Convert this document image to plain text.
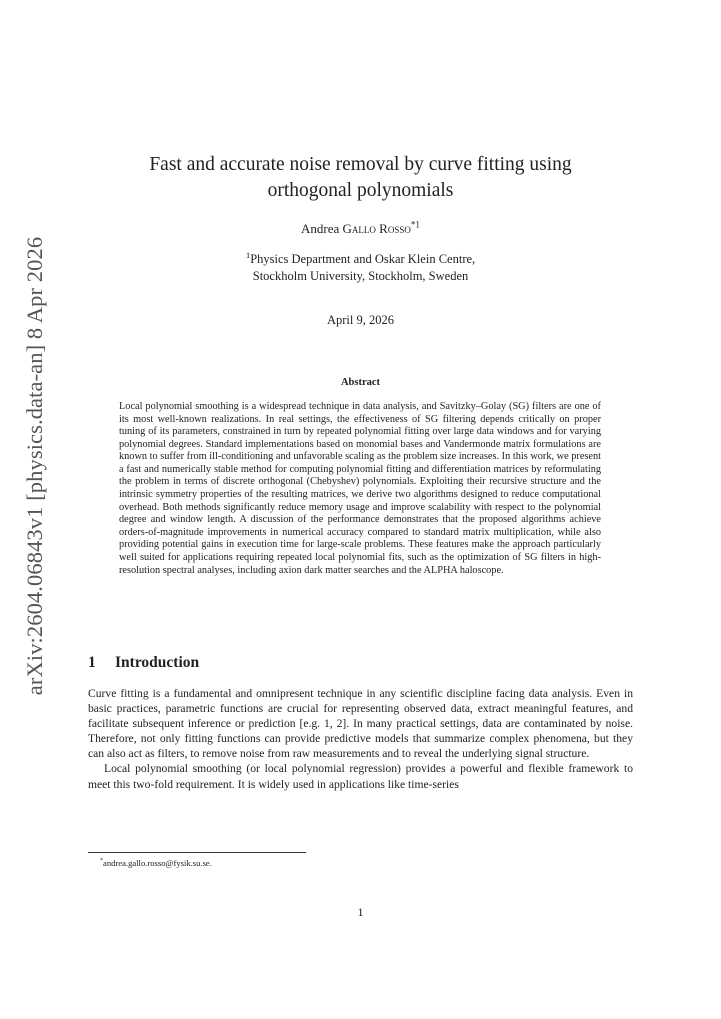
arXiv:2604.06843v1 [physics.data-an] 8 Apr 2026
Fast and accurate noise removal by curve fitting using
orthogonal polynomials
Andrea Gallo Rosso$^{*1}$
$^1$Physics Department and Oskar Klein Centre,
Stockholm University, Stockholm, Sweden
April 9, 2026
Abstract
Local polynomial smoothing is a widespread technique in data analysis, and Savitzky–Golay (SG) filters are one of its most well-known realizations. In real settings, the effectiveness of SG filtering depends critically on proper tuning of its parameters, constrained in turn by repeated polynomial fitting over large data windows and for varying polynomial degrees. Standard implementations based on monomial bases and Vandermonde matrix formulations are known to suffer from ill-conditioning and unfavorable scaling as the problem size increases. In this work, we present a fast and numerically stable method for computing polynomial fitting and differentiation matrices by reformulating the problem in terms of discrete orthogonal (Chebyshev) polynomials. Exploiting their recursive structure and the intrinsic symmetry properties of the resulting matrices, we derive two algorithms designed to reduce computational overhead. Both methods significantly reduce memory usage and improve scalability with respect to the polynomial degree and window length. A discussion of the performance demonstrates that the proposed algorithms achieve orders-of-magnitude improvements in numerical accuracy compared to standard matrix multiplication, while also providing potential gains in execution time for large-scale problems. These features make the approach particularly well suited for applications requiring repeated local polynomial fits, such as the optimization of SG filters in high-resolution spectral analyses, including axion dark matter searches and the ALPHA haloscope.
1 Introduction

Curve fitting is a fundamental and omnipresent technique in any scientific discipline facing data analysis. Even in basic practices, parametric functions are crucial for representing observed data, extract meaningful features, and facilitate subsequent inference or prediction [e.g. 1, 2]. In many practical settings, data are contaminated by noise. Therefore, not only fitting functions can provide predictive models that summarize complex phenomena, but they can also act as filters, to remove noise from raw measurements and to reveal the underlying signal structure.

Local polynomial smoothing (or local polynomial regression) provides a powerful and flexible framework to meet this two-fold requirement. It is widely used in applications like time-series

*andrea.gallo.rosso@fysik.su.se.
1
